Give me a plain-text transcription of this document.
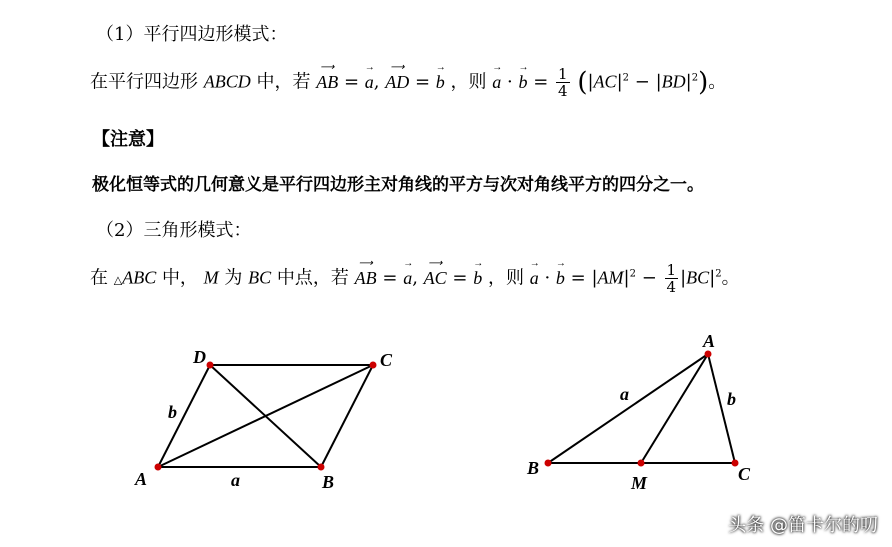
（1）平行四边形模式：
在平行四边形 ABCD 中，若
⟶
AB =
→
a,
⟶
AD =
→
b ，则
→
a ·
→
$b = \frac{1}{4} (|AC|^2 - |BD|^2)$。
【注意】
极化恒等式的几何意义是平行四边形主对角线的平方与次对角线平方的四分之一。
（2）三角形模式：
在 △ABC 中， M 为 BC 中点，若
⟶
AB =
→
a,
⟶
AC =
→
b ，则
→
a ·
→
$b = |AM|^2 - \frac{1}{4} |BC|^2$。
A	B
C
D
a
b
A
B	C
M
a	b
头条 @笛卡尔的叨
